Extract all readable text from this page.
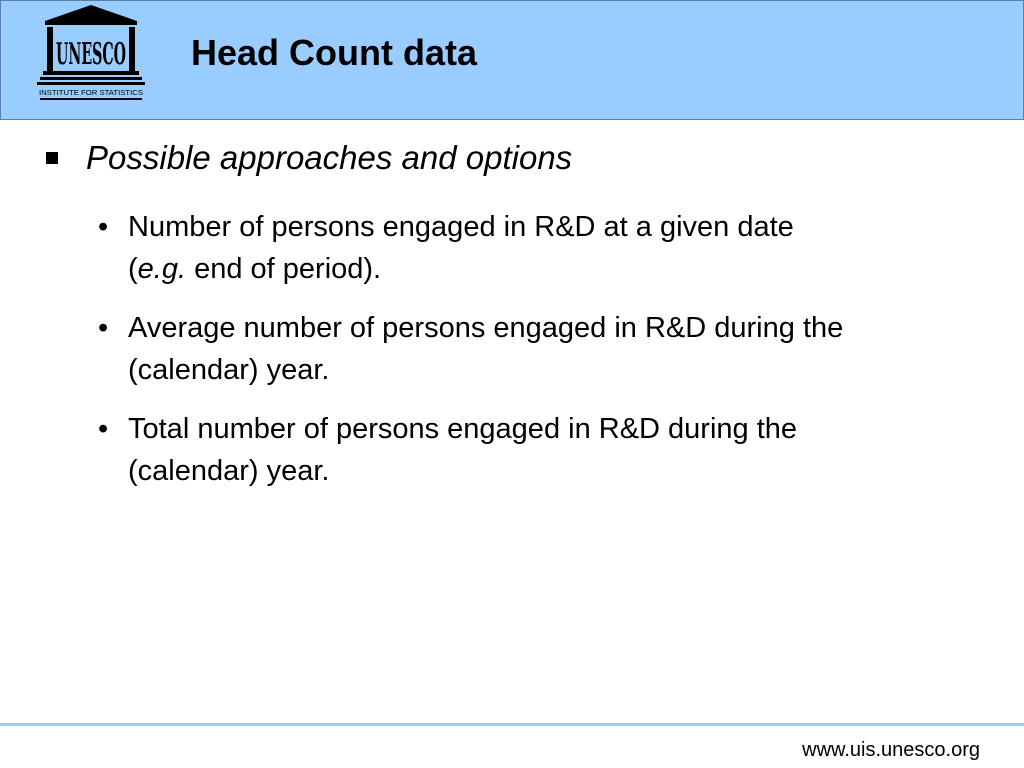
UNESCO
INSTITUTE FOR STATISTICS
Head Count data
Possible approaches and options
• Number of persons engaged in R&D at a given date
(e.g. end of period).
• Average number of persons engaged in R&D during the
(calendar) year.
• Total number of persons engaged in R&D during the
(calendar) year.
www.uis.unesco.org
